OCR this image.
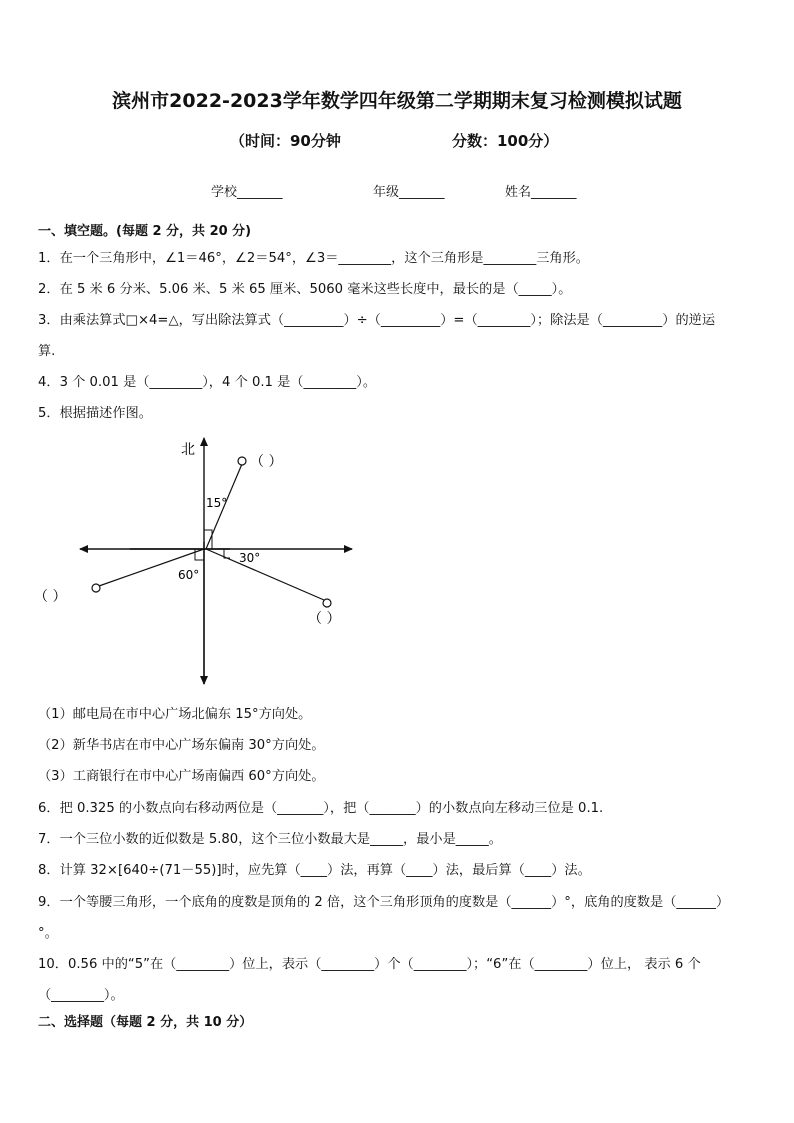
滨州市2022-2023学年数学四年级第二学期期末复习检测模拟试题
（时间：90分钟	分数：100分）
学校_______	年级_______	姓名_______
一、填空题。(每题 2 分，共 20 分)
1．在一个三角形中，∠1＝46°，∠2＝54°，∠3＝________，这个三角形是________三角形。
2．在 5 米 6 分米、5.06 米、5 米 65 厘米、5060 毫米这些长度中，最长的是（_____）。
3．由乘法算式□×4=△，写出除法算式（_________）÷（_________）=（________）；除法是（_________）的逆运
算.
4．3 个 0.01 是（________），4 个 0.1 是（________）。
5．根据描述作图。
北
（ ）
15°
（ ）
30°
（ ）
60°
（1）邮电局在市中心广场北偏东 15°方向处。
（2）新华书店在市中心广场东偏南 30°方向处。
（3）工商银行在市中心广场南偏西 60°方向处。
6．把 0.325 的小数点向右移动两位是（_______），把（_______）的小数点向左移动三位是 0.1.
7．一个三位小数的近似数是 5.80，这个三位小数最大是_____，最小是_____。
8．计算 32×[640÷(71－55)]时，应先算（____）法，再算（____）法，最后算（____）法。
9．一个等腰三角形，一个底角的度数是顶角的 2 倍，这个三角形顶角的度数是（______）°，底角的度数是（______）
°。
10．0.56 中的“5”在（________）位上，表示（________）个（________）；“6”在（________）位上， 表示 6 个
（________）。
二、选择题（每题 2 分，共 10 分）
